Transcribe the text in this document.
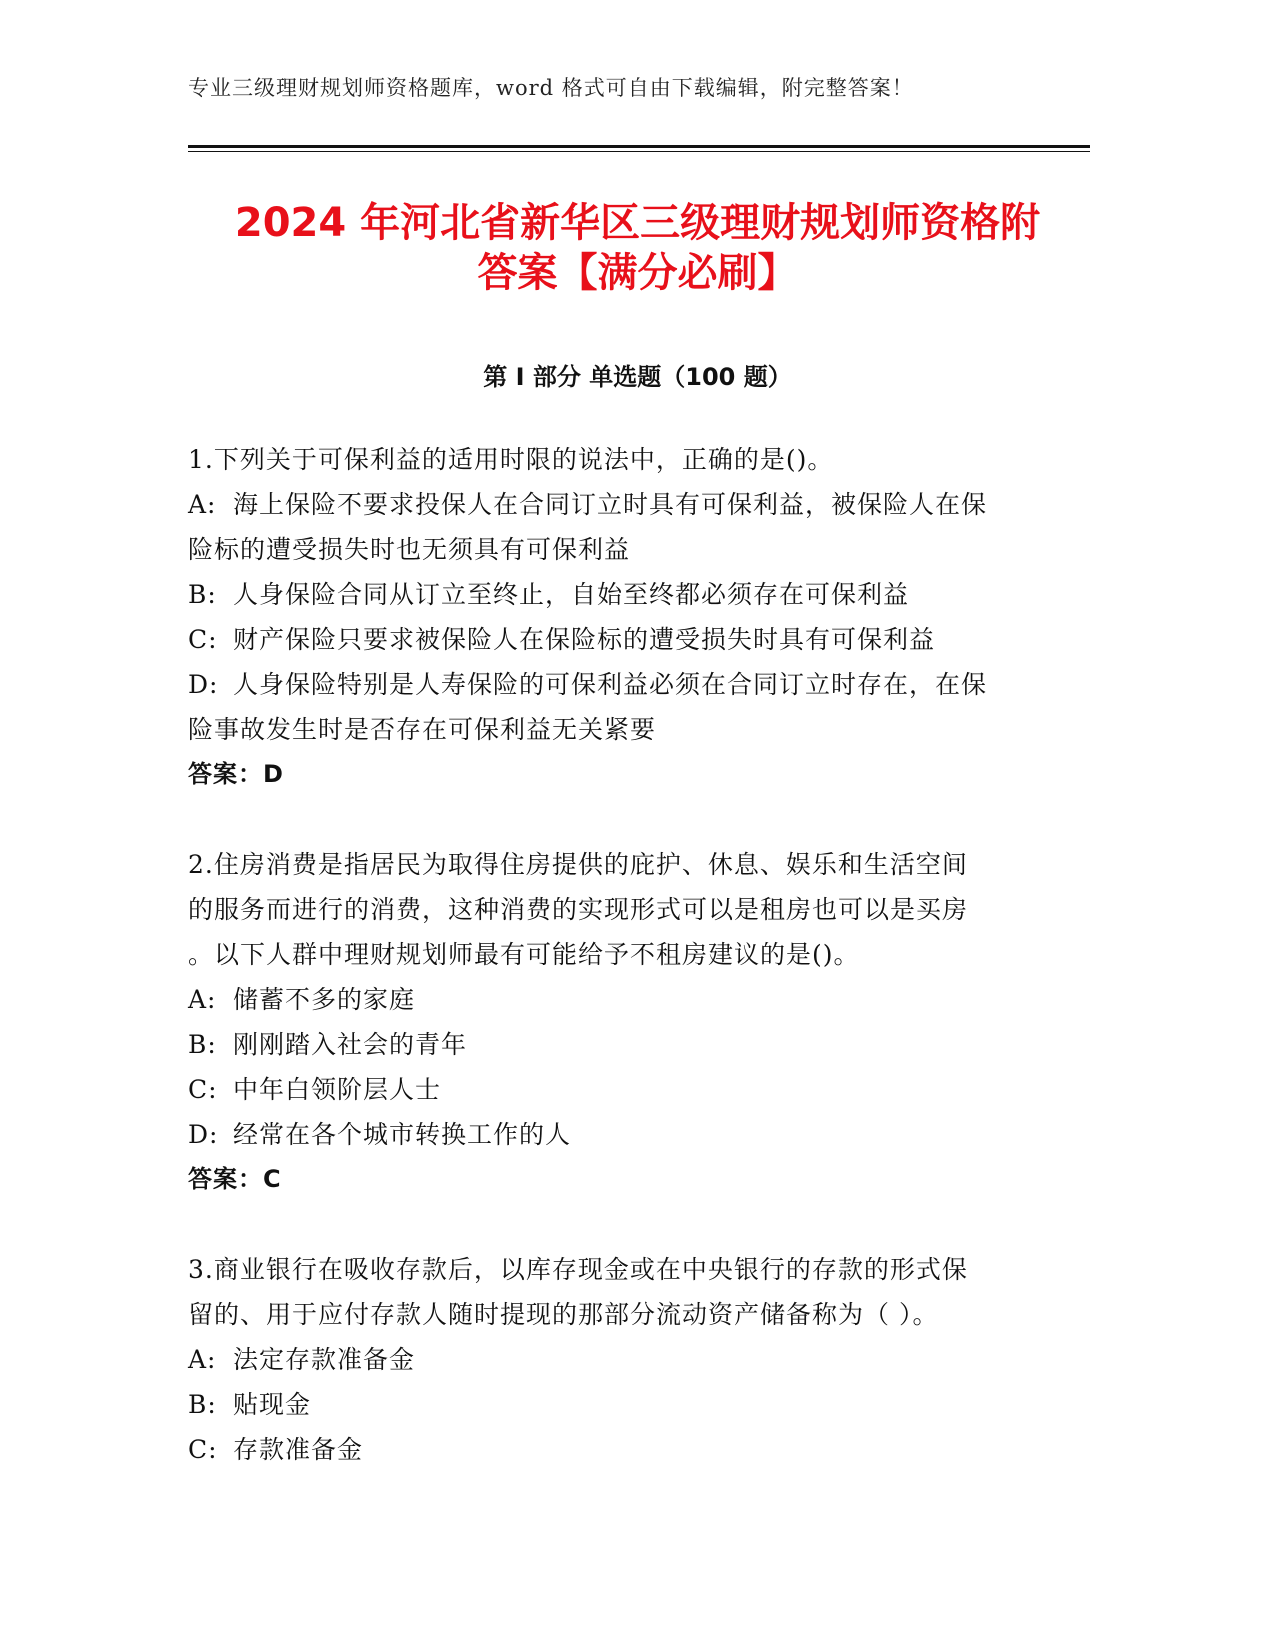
专业三级理财规划师资格题库，word 格式可自由下载编辑，附完整答案！
2024 年河北省新华区三级理财规划师资格附
答案【满分必刷】
第 I 部分 单选题（100 题）
1.下列关于可保利益的适用时限的说法中，正确的是()。
A: 海上保险不要求投保人在合同订立时具有可保利益，被保险人在保
险标的遭受损失时也无须具有可保利益
B: 人身保险合同从订立至终止，自始至终都必须存在可保利益
C: 财产保险只要求被保险人在保险标的遭受损失时具有可保利益
D: 人身保险特别是人寿保险的可保利益必须在合同订立时存在，在保
险事故发生时是否存在可保利益无关紧要
答案：D
2.住房消费是指居民为取得住房提供的庇护、休息、娱乐和生活空间
的服务而进行的消费，这种消费的实现形式可以是租房也可以是买房
。以下人群中理财规划师最有可能给予不租房建议的是()。
A: 储蓄不多的家庭
B: 刚刚踏入社会的青年
C: 中年白领阶层人士
D: 经常在各个城市转换工作的人
答案：C
3.商业银行在吸收存款后，以库存现金或在中央银行的存款的形式保
留的、用于应付存款人随时提现的那部分流动资产储备称为（ ）。
A: 法定存款准备金
B: 贴现金
C: 存款准备金
